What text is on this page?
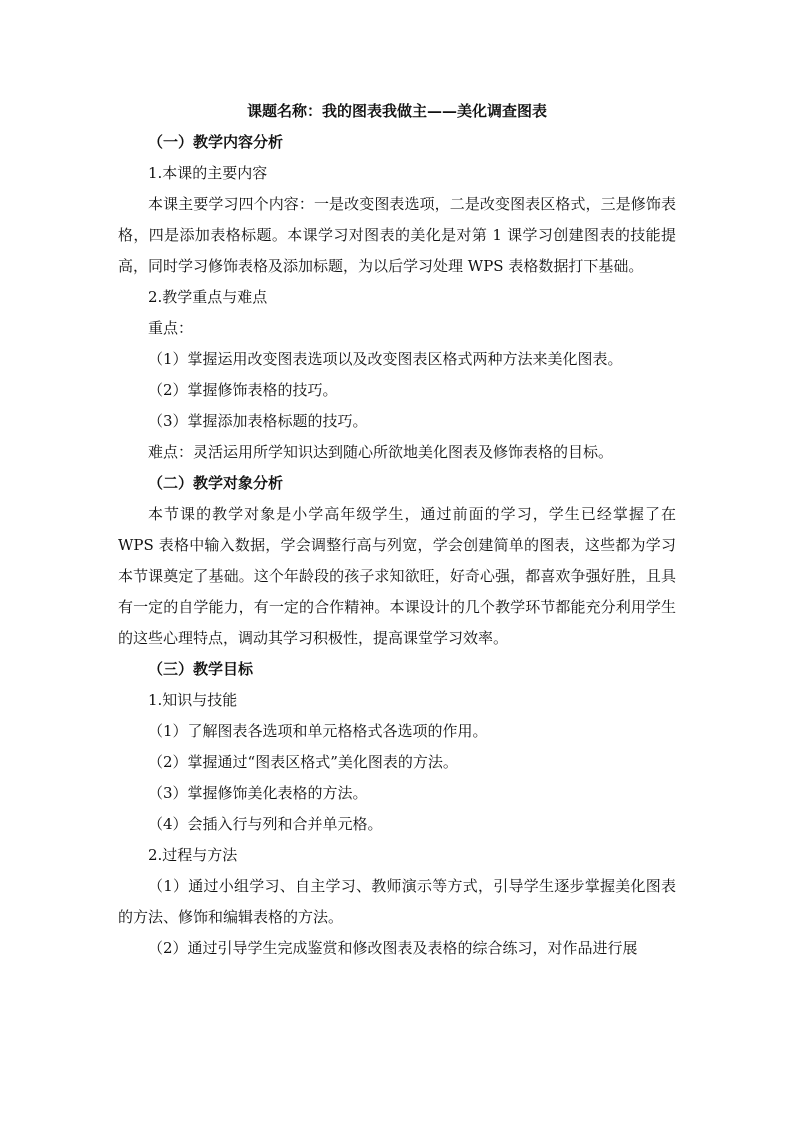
课题名称：我的图表我做主——美化调查图表

（一）教学内容分析

1.本课的主要内容

本课主要学习四个内容：一是改变图表选项，二是改变图表区格式，三是修饰表格，四是添加表格标题。本课学习对图表的美化是对第 1 课学习创建图表的技能提高，同时学习修饰表格及添加标题，为以后学习处理 WPS 表格数据打下基础。

2.教学重点与难点

重点：

（1）掌握运用改变图表选项以及改变图表区格式两种方法来美化图表。

（2）掌握修饰表格的技巧。

（3）掌握添加表格标题的技巧。

难点：灵活运用所学知识达到随心所欲地美化图表及修饰表格的目标。

（二）教学对象分析

本节课的教学对象是小学高年级学生，通过前面的学习，学生已经掌握了在 WPS 表格中输入数据，学会调整行高与列宽，学会创建简单的图表，这些都为学习本节课奠定了基础。这个年龄段的孩子求知欲旺，好奇心强，都喜欢争强好胜，且具有一定的自学能力，有一定的合作精神。本课设计的几个教学环节都能充分利用学生的这些心理特点，调动其学习积极性，提高课堂学习效率。

（三）教学目标

1.知识与技能

（1）了解图表各选项和单元格格式各选项的作用。

（2）掌握通过“图表区格式”美化图表的方法。

（3）掌握修饰美化表格的方法。

（4）会插入行与列和合并单元格。

2.过程与方法

（1）通过小组学习、自主学习、教师演示等方式，引导学生逐步掌握美化图表的方法、修饰和编辑表格的方法。

（2）通过引导学生完成鉴赏和修改图表及表格的综合练习，对作品进行展
